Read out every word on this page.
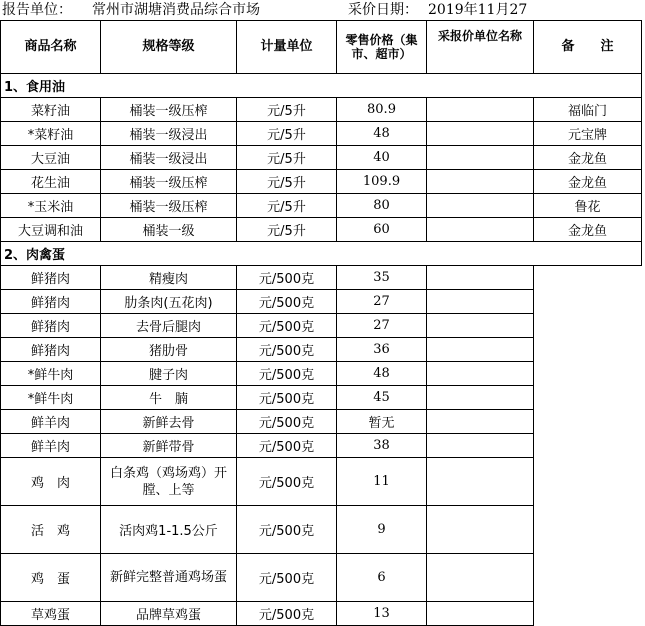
报告单位： 常州市湖塘消费品综合市场	采价日期： 2019年11月27
商品名称	规格等级	计量单位	零售价格（集市、超市）	采报价单位名称	备　　注
1、食用油					
菜籽油	桶装一级压榨	元/5升	80.9		福临门
*菜籽油	桶装一级浸出	元/5升	48		元宝牌
大豆油	桶装一级浸出	元/5升	40		金龙鱼
花生油	桶装一级压榨	元/5升	109.9		金龙鱼
*玉米油	桶装一级压榨	元/5升	80		鲁花
大豆调和油	桶装一级	元/5升	60		金龙鱼
2、肉禽蛋					
鲜猪肉	精瘦肉	元/500克	35		
鲜猪肉	肋条肉(五花肉)	元/500克	27		
鲜猪肉	去骨后腿肉	元/500克	27		
鲜猪肉	猪肋骨	元/500克	36		
*鲜牛肉	腱子肉	元/500克	48		
*鲜牛肉	牛　腩	元/500克	45		
鲜羊肉	新鲜去骨	元/500克	暂无		
鲜羊肉	新鲜带骨	元/500克	38		
鸡　肉	白条鸡（鸡场鸡）开膛、上等	元/500克	11		
活　鸡	活肉鸡1-1.5公斤	元/500克	9		
鸡　蛋	新鲜完整普通鸡场蛋	元/500克	6		
草鸡蛋	品牌草鸡蛋	元/500克	13		
